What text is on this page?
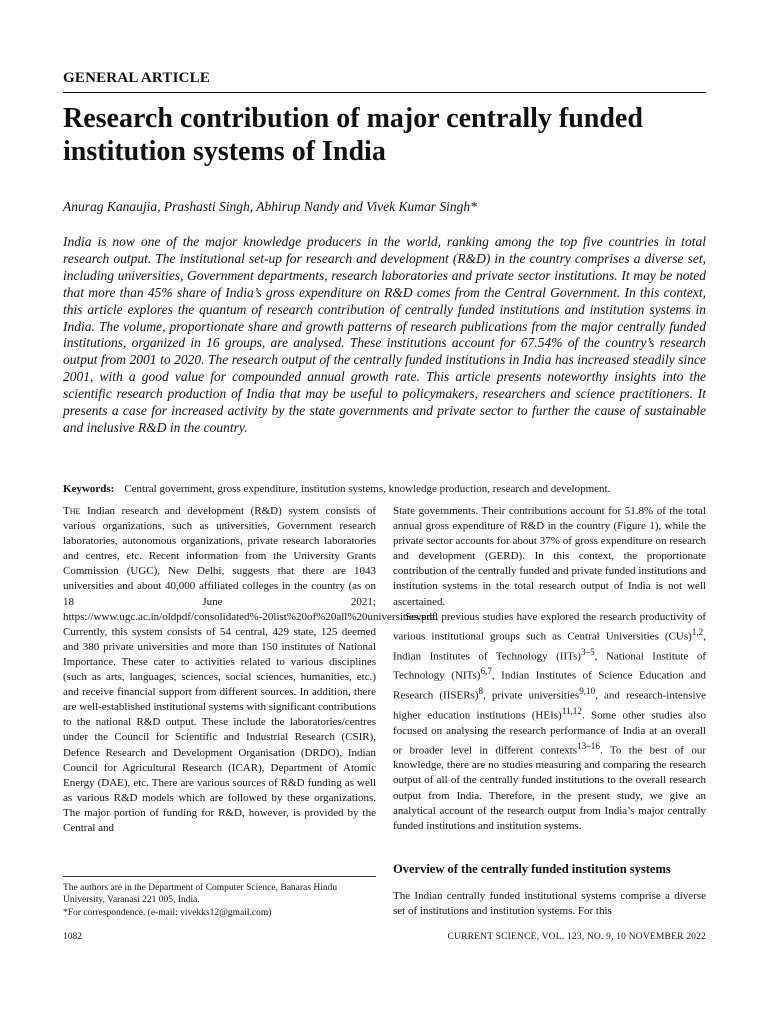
GENERAL ARTICLE
Research contribution of major centrally funded institution systems of India
Anurag Kanaujia, Prashasti Singh, Abhirup Nandy and Vivek Kumar Singh*
India is now one of the major knowledge producers in the world, ranking among the top five countries in total research output. The institutional set-up for research and development (R&D) in the country comprises a diverse set, including universities, Government departments, research laboratories and private sector institutions. It may be noted that more than 45% share of India’s gross expenditure on R&D comes from the Central Government. In this context, this article explores the quantum of research contribution of centrally funded institutions and institution systems in India. The volume, proportionate share and growth patterns of research publications from the major centrally funded institutions, organized in 16 groups, are analysed. These institutions account for 67.54% of the country’s research output from 2001 to 2020. The research output of the centrally funded institutions in India has increased steadily since 2001, with a good value for compounded annual growth rate. This article presents noteworthy insights into the scientific research production of India that may be useful to policymakers, researchers and science practitioners. It presents a case for increased activity by the state governments and private sector to further the cause of sustainable and inclusive R&D in the country.
Keywords: Central government, gross expenditure, institution systems, knowledge production, research and development.

The Indian research and development (R&D) system consists of various organizations, such as universities, Government research laboratories, autonomous organizations, private research laboratories and centres, etc. Recent information from the University Grants Commission (UGC), New Delhi, suggests that there are 1043 universities and about 40,000 affiliated colleges in the country (as on 18 June 2021; https://www.ugc.ac.in/oldpdf/consolidated%-20list%20of%20all%20universities.pdf. Currently, this system consists of 54 central, 429 state, 125 deemed and 380 private universities and more than 150 institutes of National Importance. These cater to activities related to various disciplines (such as arts, languages, sciences, social sciences, humanities, etc.) and receive financial support from different sources. In addition, there are well-established institutional systems with significant contributions to the national R&D output. These include the laboratories/centres under the Council for Scientific and Industrial Research (CSIR), Defence Research and Development Organisation (DRDO), Indian Council for Agricultural Research (ICAR), Department of Atomic Energy (DAE), etc. There are various sources of R&D funding as well as various R&D models which are followed by these organizations. The major portion of funding for R&D, however, is provided by the Central and

State governments. Their contributions account for 51.8% of the total annual gross expenditure of R&D in the country (Figure 1), while the private sector accounts for about 37% of gross expenditure on research and development (GERD). In this context, the proportionate contribution of the centrally funded and private funded institutions and institution systems in the total research output of India is not well ascertained.

Several previous studies have explored the research productivity of various institutional groups such as Central Universities (CUs)$^{1,2}$, Indian Institutes of Technology (IITs)$^{3-5}$, National Institute of Technology (NITs)$^{6,7}$, Indian Institutes of Science Education and Research (IISERs)$^8$, private universities$^{9,10}$, and research-intensive higher education institutions (HEIs)$^{11,12}$. Some other studies also focused on analysing the research performance of India at an overall or broader level in different contexts$^{13-16}$. To the best of our knowledge, there are no studies measuring and comparing the research output of all of the centrally funded institutions to the overall research output from India. Therefore, in the present study, we give an analytical account of the research output from India’s major centrally funded institutions and institution systems.

Overview of the centrally funded institution systems
The Indian centrally funded institutional systems comprise a diverse set of institutions and institution systems. For this
The authors are in the Department of Computer Science, Banaras Hindu University, Varanasi 221 005, India.
*For correspondence. (e-mail: vivekks12@gmail.com)
1082	CURRENT SCIENCE, VOL. 123, NO. 9, 10 NOVEMBER 2022
